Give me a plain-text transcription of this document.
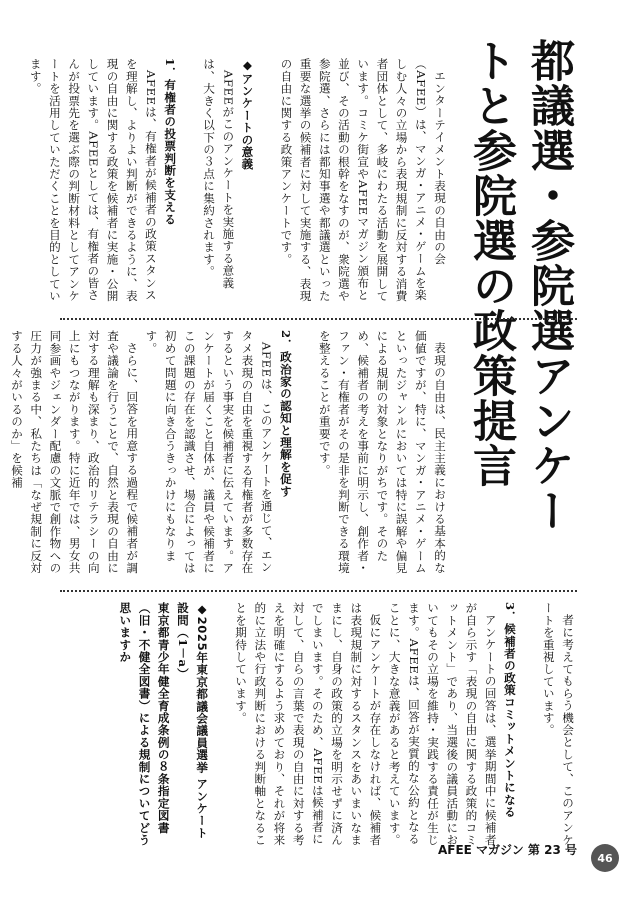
都議選・参院選アンケートと参院選の政策提言

エンターテイメント表現の自由の会（AFEE）は、マンガ・アニメ・ゲームを楽しむ人々の立場から表現規制に反対する消費者団体として、多岐にわたる活動を展開しています。コミケ街宣やAFEEマガジン頒布と並び、その活動の根幹をなすのが、衆院選や参院選、さらには都知事選や都議選といった重要な選挙の候補者に対して実施する、表現の自由に関する政策アンケートです。

◆アンケートの意義

AFEEがこのアンケートを実施する意義は、大きく以下の３点に集約されます。

1．有権者の投票判断を支える

AFEEは、有権者が候補者の政策スタンスを理解し、よりよい判断ができるように、表現の自由に関する政策を候補者に実施・公開しています。AFEEとしては、有権者の皆さんが投票先を選ぶ際の判断材料としてアンケートを活用していただくことを目的としています。

表現の自由は、民主主義における基本的な価値ですが、特に、マンガ・アニメ・ゲームといったジャンルにおいては特に誤解や偏見による規制の対象となりがちです。そのため、候補者の考えを事前に明示し、創作者・ファン・有権者がその是非を判断できる環境を整えることが重要です。

2．政治家の認知と理解を促す

AFEEは、このアンケートを通じて、エンタメ表現の自由を重視する有権者が多数存在するという事実を候補者に伝えています。アンケートが届くこと自体が、議員や候補者にこの課題の存在を認識させ、場合によっては初めて問題に向き合うきっかけにもなります。

さらに、回答を用意する過程で候補者が調査や議論を行うことで、自然と表現の自由に対する理解も深まり、政治的リテラシーの向上にもつながります。特に近年では、男女共同参画やジェンダー配慮の文脈で創作物への圧力が強まる中、私たちは「なぜ規制に反対する人々がいるのか」を候補

者に考えてもらう機会として、このアンケートを重視しています。

3．候補者の政策コミットメントになる

アンケートの回答は、選挙期間中に候補者が自ら示す「表現の自由に関する政策的コミットメント」であり、当選後の議員活動においてもその立場を維持・実践する責任が生じます。AFEEは、回答が実質的な公約となることに、大きな意義があると考えています。

仮にアンケートが存在しなければ、候補者は表現規制に対するスタンスをあいまいなままにし、自身の政策的立場を明示せずに済んでしまいます。そのため、AFEEは候補者に対して、自らの言葉で表現の自由に対する考えを明確にするよう求めており、それが将来的に立法や行政判断における判断軸となることを期待しています。

◆2025年東京都議会議員選挙 アンケート
設問（1－a）
東京都青少年健全育成条例の８条指定図書（旧・不健全図書）による規制についてどう思いますか
AFEE マガジン 第 23 号
46
